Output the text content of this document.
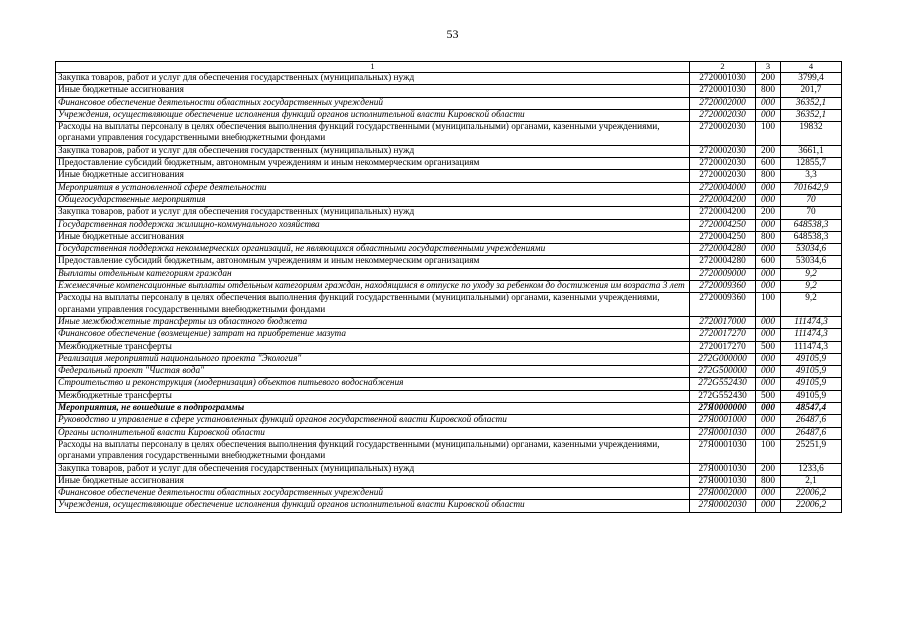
53
1	2	3	4
Закупка товаров, работ и услуг для обеспечения государственных (муниципальных) нужд	2720001030	200	3799,4
Иные бюджетные ассигнования	2720001030	800	201,7
Финансовое обеспечение деятельности областных государственных учреждений	2720002000	000	36352,1
Учреждения, осуществляющие обеспечение исполнения функций органов исполнительной власти Кировской области	2720002030	000	36352,1
Расходы на выплаты персоналу в целях обеспечения выполнения функций государственными (муниципальными) органами, казенными учреждениями, органами управления государственными внебюджетными фондами	2720002030	100	19832
Закупка товаров, работ и услуг для обеспечения государственных (муниципальных) нужд	2720002030	200	3661,1
Предоставление субсидий бюджетным, автономным учреждениям и иным некоммерческим организациям	2720002030	600	12855,7
Иные бюджетные ассигнования	2720002030	800	3,3
Мероприятия в установленной сфере деятельности	2720004000	000	701642,9
Общегосударственные мероприятия	2720004200	000	70
Закупка товаров, работ и услуг для обеспечения государственных (муниципальных) нужд	2720004200	200	70
Государственная поддержка жилищно-коммунального хозяйства	2720004250	000	648538,3
Иные бюджетные ассигнования	2720004250	800	648538,3
Государственная поддержка некоммерческих организаций, не являющихся областными государственными учреждениями	2720004280	000	53034,6
Предоставление субсидий бюджетным, автономным учреждениям и иным некоммерческим организациям	2720004280	600	53034,6
Выплаты отдельным категориям граждан	2720009000	000	9,2
Ежемесячные компенсационные выплаты отдельным категориям граждан, находящимся в отпуске по уходу за ребенком до достижения им возраста 3 лет	2720009360	000	9,2
Расходы на выплаты персоналу в целях обеспечения выполнения функций государственными (муниципальными) органами, казенными учреждениями, органами управления государственными внебюджетными фондами	2720009360	100	9,2
Иные межбюджетные трансферты из областного бюджета	2720017000	000	111474,3
Финансовое обеспечение (возмещение) затрат на приобретение мазута	2720017270	000	111474,3
Межбюджетные трансферты	2720017270	500	111474,3
Реализация мероприятий национального проекта "Экология"	272G000000	000	49105,9
Федеральный проект "Чистая вода"	272G500000	000	49105,9
Строительство и реконструкция (модернизация) объектов питьевого водоснабжения	272G552430	000	49105,9
Межбюджетные трансферты	272G552430	500	49105,9
Мероприятия, не вошедшие в подпрограммы	27Я0000000	000	48547,4
Руководство и управление в сфере установленных функций органов государственной власти Кировской области	27Я0001000	000	26487,6
Органы исполнительной власти Кировской области	27Я0001030	000	26487,6
Расходы на выплаты персоналу в целях обеспечения выполнения функций государственными (муниципальными) органами, казенными учреждениями, органами управления государственными внебюджетными фондами	27Я0001030	100	25251,9
Закупка товаров, работ и услуг для обеспечения государственных (муниципальных) нужд	27Я0001030	200	1233,6
Иные бюджетные ассигнования	27Я0001030	800	2,1
Финансовое обеспечение деятельности областных государственных учреждений	27Я0002000	000	22006,2
Учреждения, осуществляющие обеспечение исполнения функций органов исполнительной власти Кировской области	27Я0002030	000	22006,2
